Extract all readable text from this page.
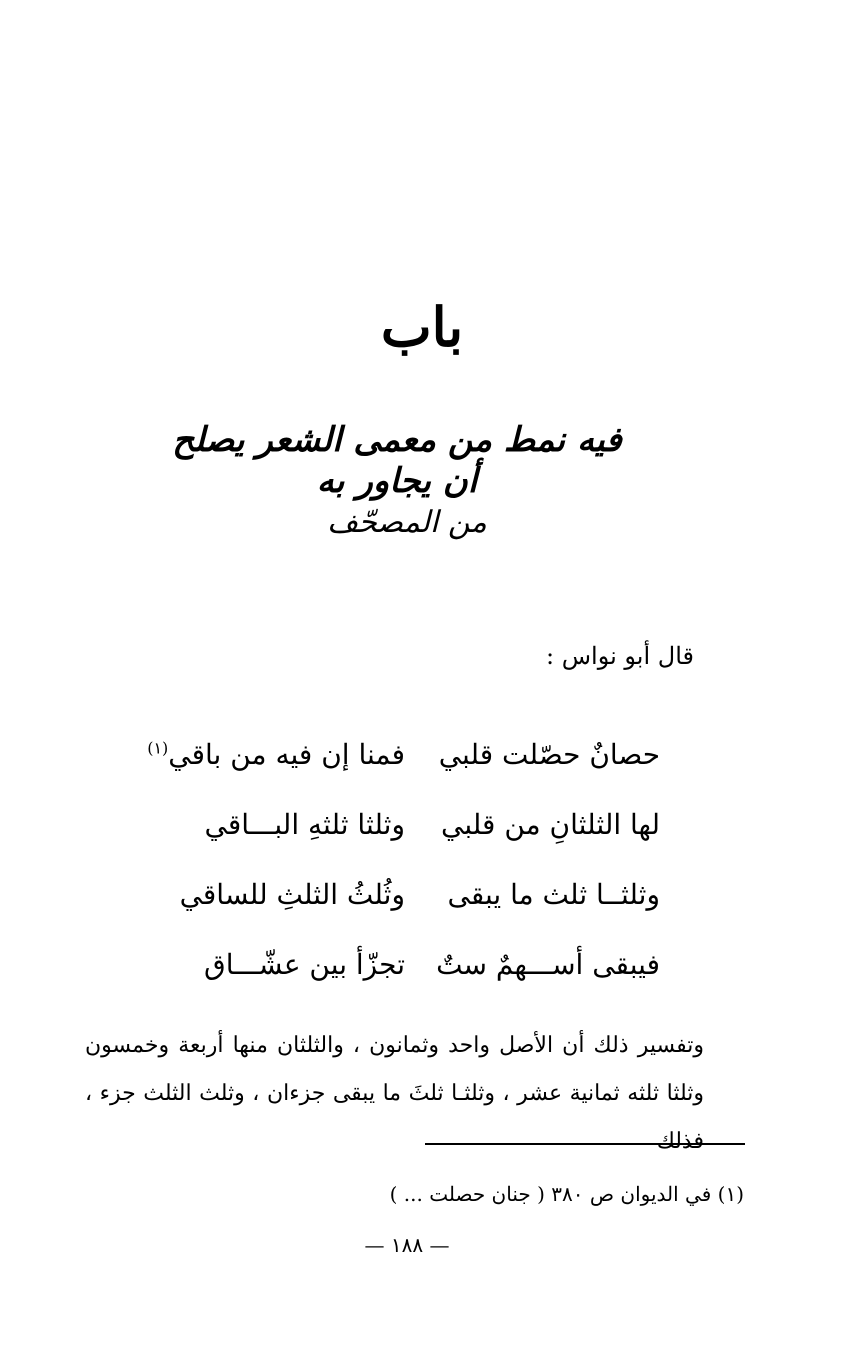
باب
فيه نمط من معمى الشعر يصلح أن يجاور به
من المصحّف
قال أبو نواس :
حصانٌ حصّلت قلبي
فمنا إن فيه من باقي$^{(١)}$
لها الثلثانِ من قلبي
وثلثا ثلثهِ البـــاقي
وثلثــا ثلث ما يبقى
وثُلثُ الثلثِ للساقي
فيبقى أســـهمٌ ستٌ
تجزّأ بين عشّـــاق
وتفسير ذلك أن الأصل واحد وثمانون ، والثلثان منها أربعة وخمسون وثلثا ثلثه ثمانية عشر ، وثلثـا ثلثَ ما يبقى جزءان ، وثلث الثلث جزء ، فذلك
(١) في الديوان ص ٣٨٠ ( جنان حصلت ... )
— ١٨٨ —
